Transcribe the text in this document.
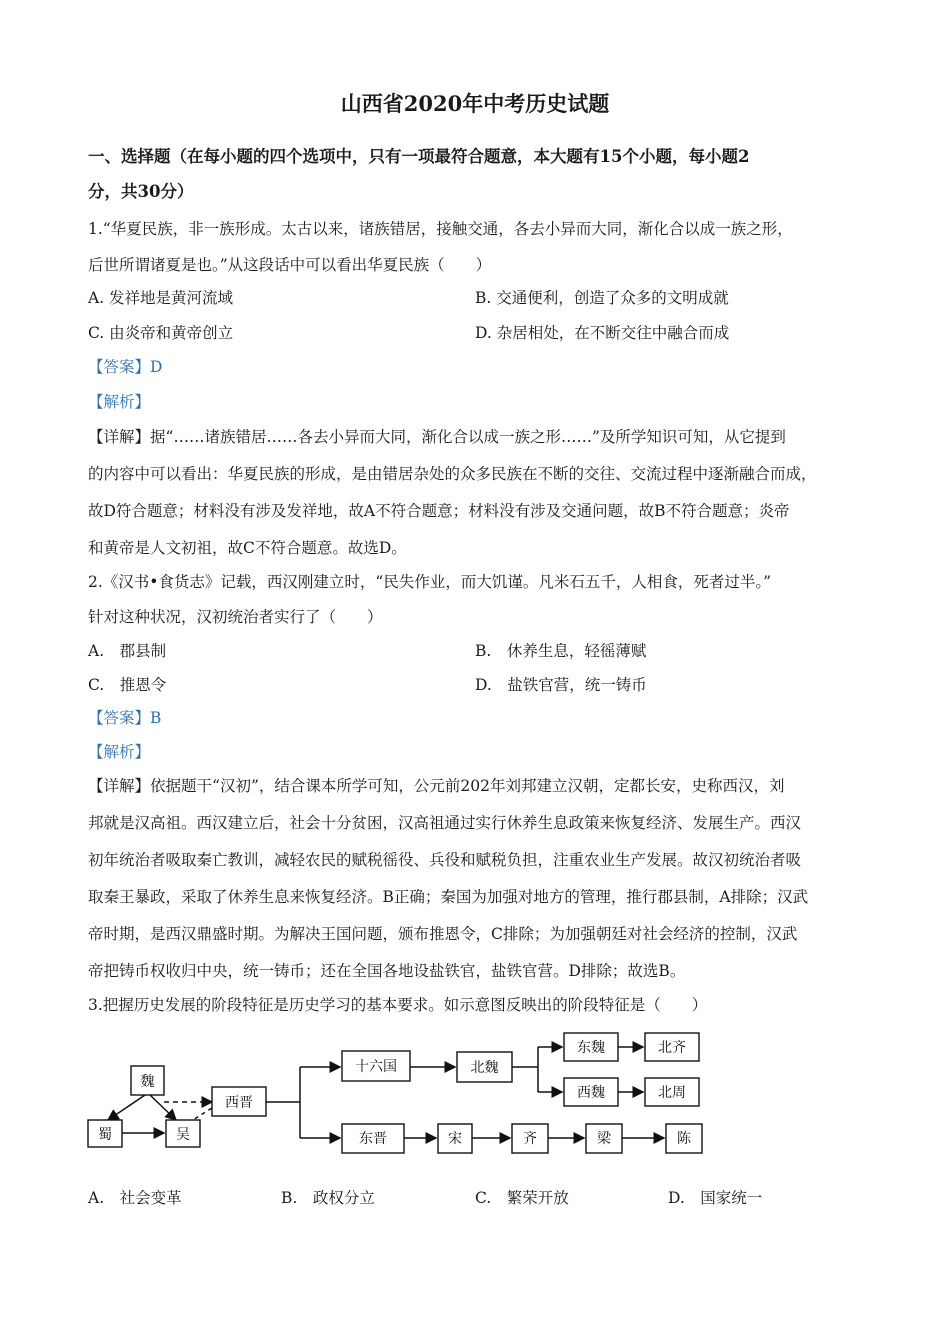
山西省2020年中考历史试题
一、选择题（在每小题的四个选项中，只有一项最符合题意，本大题有15个小题，每小题2
分，共30分）
1.“华夏民族，非一族形成。太古以来，诸族错居，接触交通，各去小异而大同，渐化合以成一族之形，
后世所谓诸夏是也。”从这段话中可以看出华夏民族（　　）
A. 发祥地是黄河流域	B. 交通便利，创造了众多的文明成就
C. 由炎帝和黄帝创立	D. 杂居相处，在不断交往中融合而成
【答案】D
【解析】
【详解】据“……诸族错居……各去小异而大同，渐化合以成一族之形……”及所学知识可知，从它提到
的内容中可以看出：华夏民族的形成，是由错居杂处的众多民族在不断的交往、交流过程中逐渐融合而成，
故D符合题意；材料没有涉及发祥地，故A不符合题意；材料没有涉及交通问题，故B不符合题意；炎帝
和黄帝是人文初祖，故C不符合题意。故选D。
2.《汉书•食货志》记载，西汉刚建立时，“民失作业，而大饥谨。凡米石五千，人相食，死者过半。”
针对这种状况，汉初统治者实行了（　　）
A.　郡县制	B.　休养生息，轻徭薄赋
C.　推恩令	D.　盐铁官营，统一铸币
【答案】B
【解析】
【详解】依据题干“汉初”，结合课本所学可知，公元前202年刘邦建立汉朝，定都长安，史称西汉，刘
邦就是汉高祖。西汉建立后，社会十分贫困，汉高祖通过实行休养生息政策来恢复经济、发展生产。西汉
初年统治者吸取秦亡教训，减轻农民的赋税徭役、兵役和赋税负担，注重农业生产发展。故汉初统治者吸
取秦王暴政，采取了休养生息来恢复经济。B正确；秦国为加强对地方的管理，推行郡县制，A排除；汉武
帝时期，是西汉鼎盛时期。为解决王国问题，颁布推恩令，C排除；为加强朝廷对社会经济的控制，汉武
帝把铸币权收归中央，统一铸币；还在全国各地设盐铁官，盐铁官营。D排除；故选B。
3.把握历史发展的阶段特征是历史学习的基本要求。如示意图反映出的阶段特征是（　　）
魏
蜀	吴
西晋
十六国	北魏
东魏
西魏
北齐
北周
东晋	宋	齐	梁	陈
A.　社会变革	B.　政权分立	C.　繁荣开放	D.　国家统一
